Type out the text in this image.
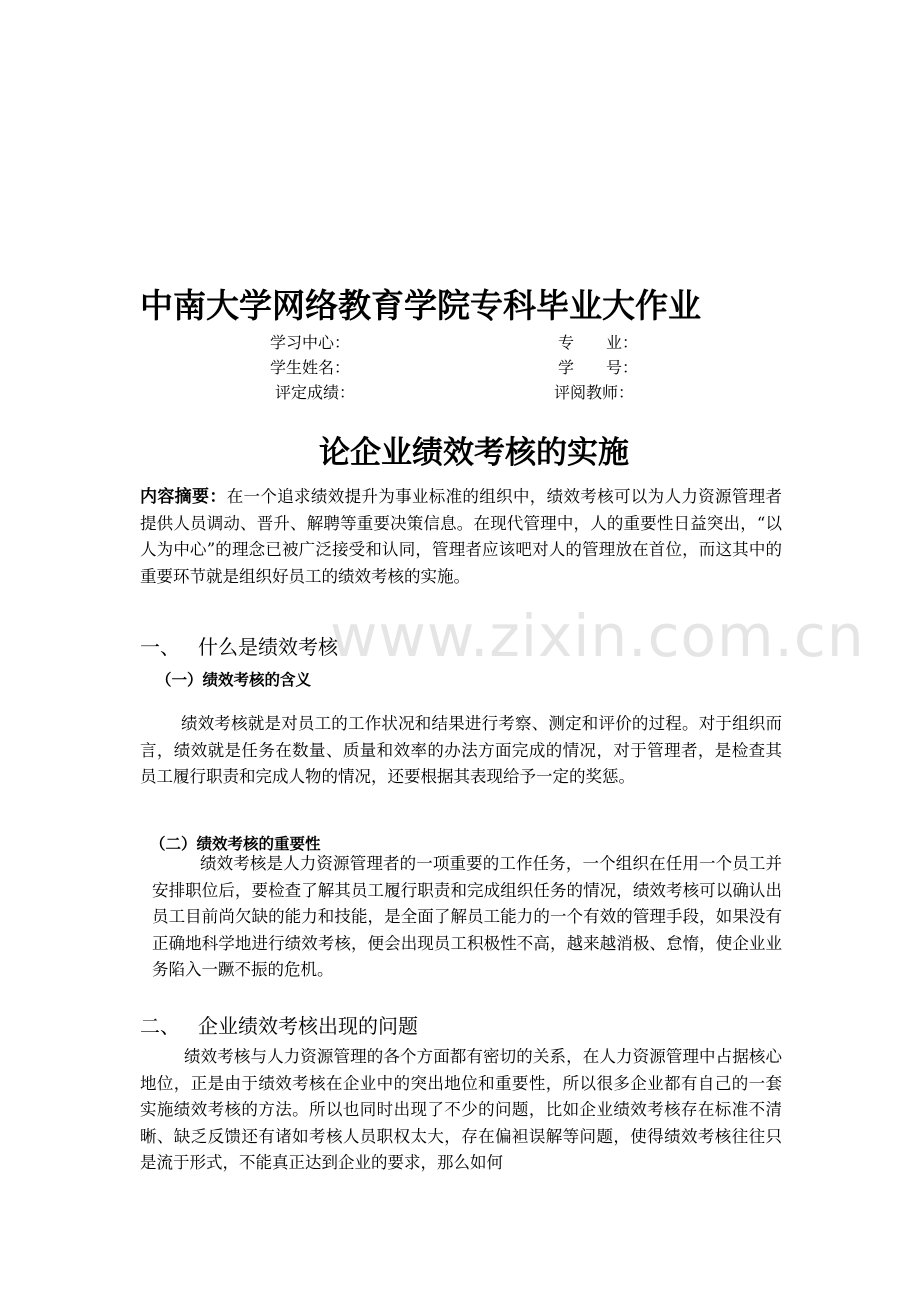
中南大学网络教育学院专科毕业大作业
学习中心：	专　　业：
学生姓名：	学　　号：
评定成绩：	评阅教师：
论企业绩效考核的实施

内容摘要：在一个追求绩效提升为事业标准的组织中，绩效考核可以为人力资源管理者提供人员调动、晋升、解聘等重要决策信息。在现代管理中，人的重要性日益突出，“以人为中心”的理念已被广泛接受和认同，管理者应该吧对人的管理放在首位，而这其中的重要环节就是组织好员工的绩效考核的实施。

www.zixin.com.cn
一、 什么是绩效考核
（一）绩效考核的含义

绩效考核就是对员工的工作状况和结果进行考察、测定和评价的过程。对于组织而言，绩效就是任务在数量、质量和效率的办法方面完成的情况，对于管理者，是检查其员工履行职责和完成人物的情况，还要根据其表现给予一定的奖惩。

（二）绩效考核的重要性

绩效考核是人力资源管理者的一项重要的工作任务，一个组织在任用一个员工并安排职位后，要检查了解其员工履行职责和完成组织任务的情况，绩效考核可以确认出员工目前尚欠缺的能力和技能，是全面了解员工能力的一个有效的管理手段，如果没有正确地科学地进行绩效考核，便会出现员工积极性不高，越来越消极、怠惰，使企业业务陷入一蹶不振的危机。

二、 企业绩效考核出现的问题

绩效考核与人力资源管理的各个方面都有密切的关系，在人力资源管理中占据核心地位，正是由于绩效考核在企业中的突出地位和重要性，所以很多企业都有自己的一套实施绩效考核的方法。所以也同时出现了不少的问题，比如企业绩效考核存在标准不清晰、缺乏反馈还有诸如考核人员职权太大，存在偏袒误解等问题，使得绩效考核往往只是流于形式，不能真正达到企业的要求，那么如何
